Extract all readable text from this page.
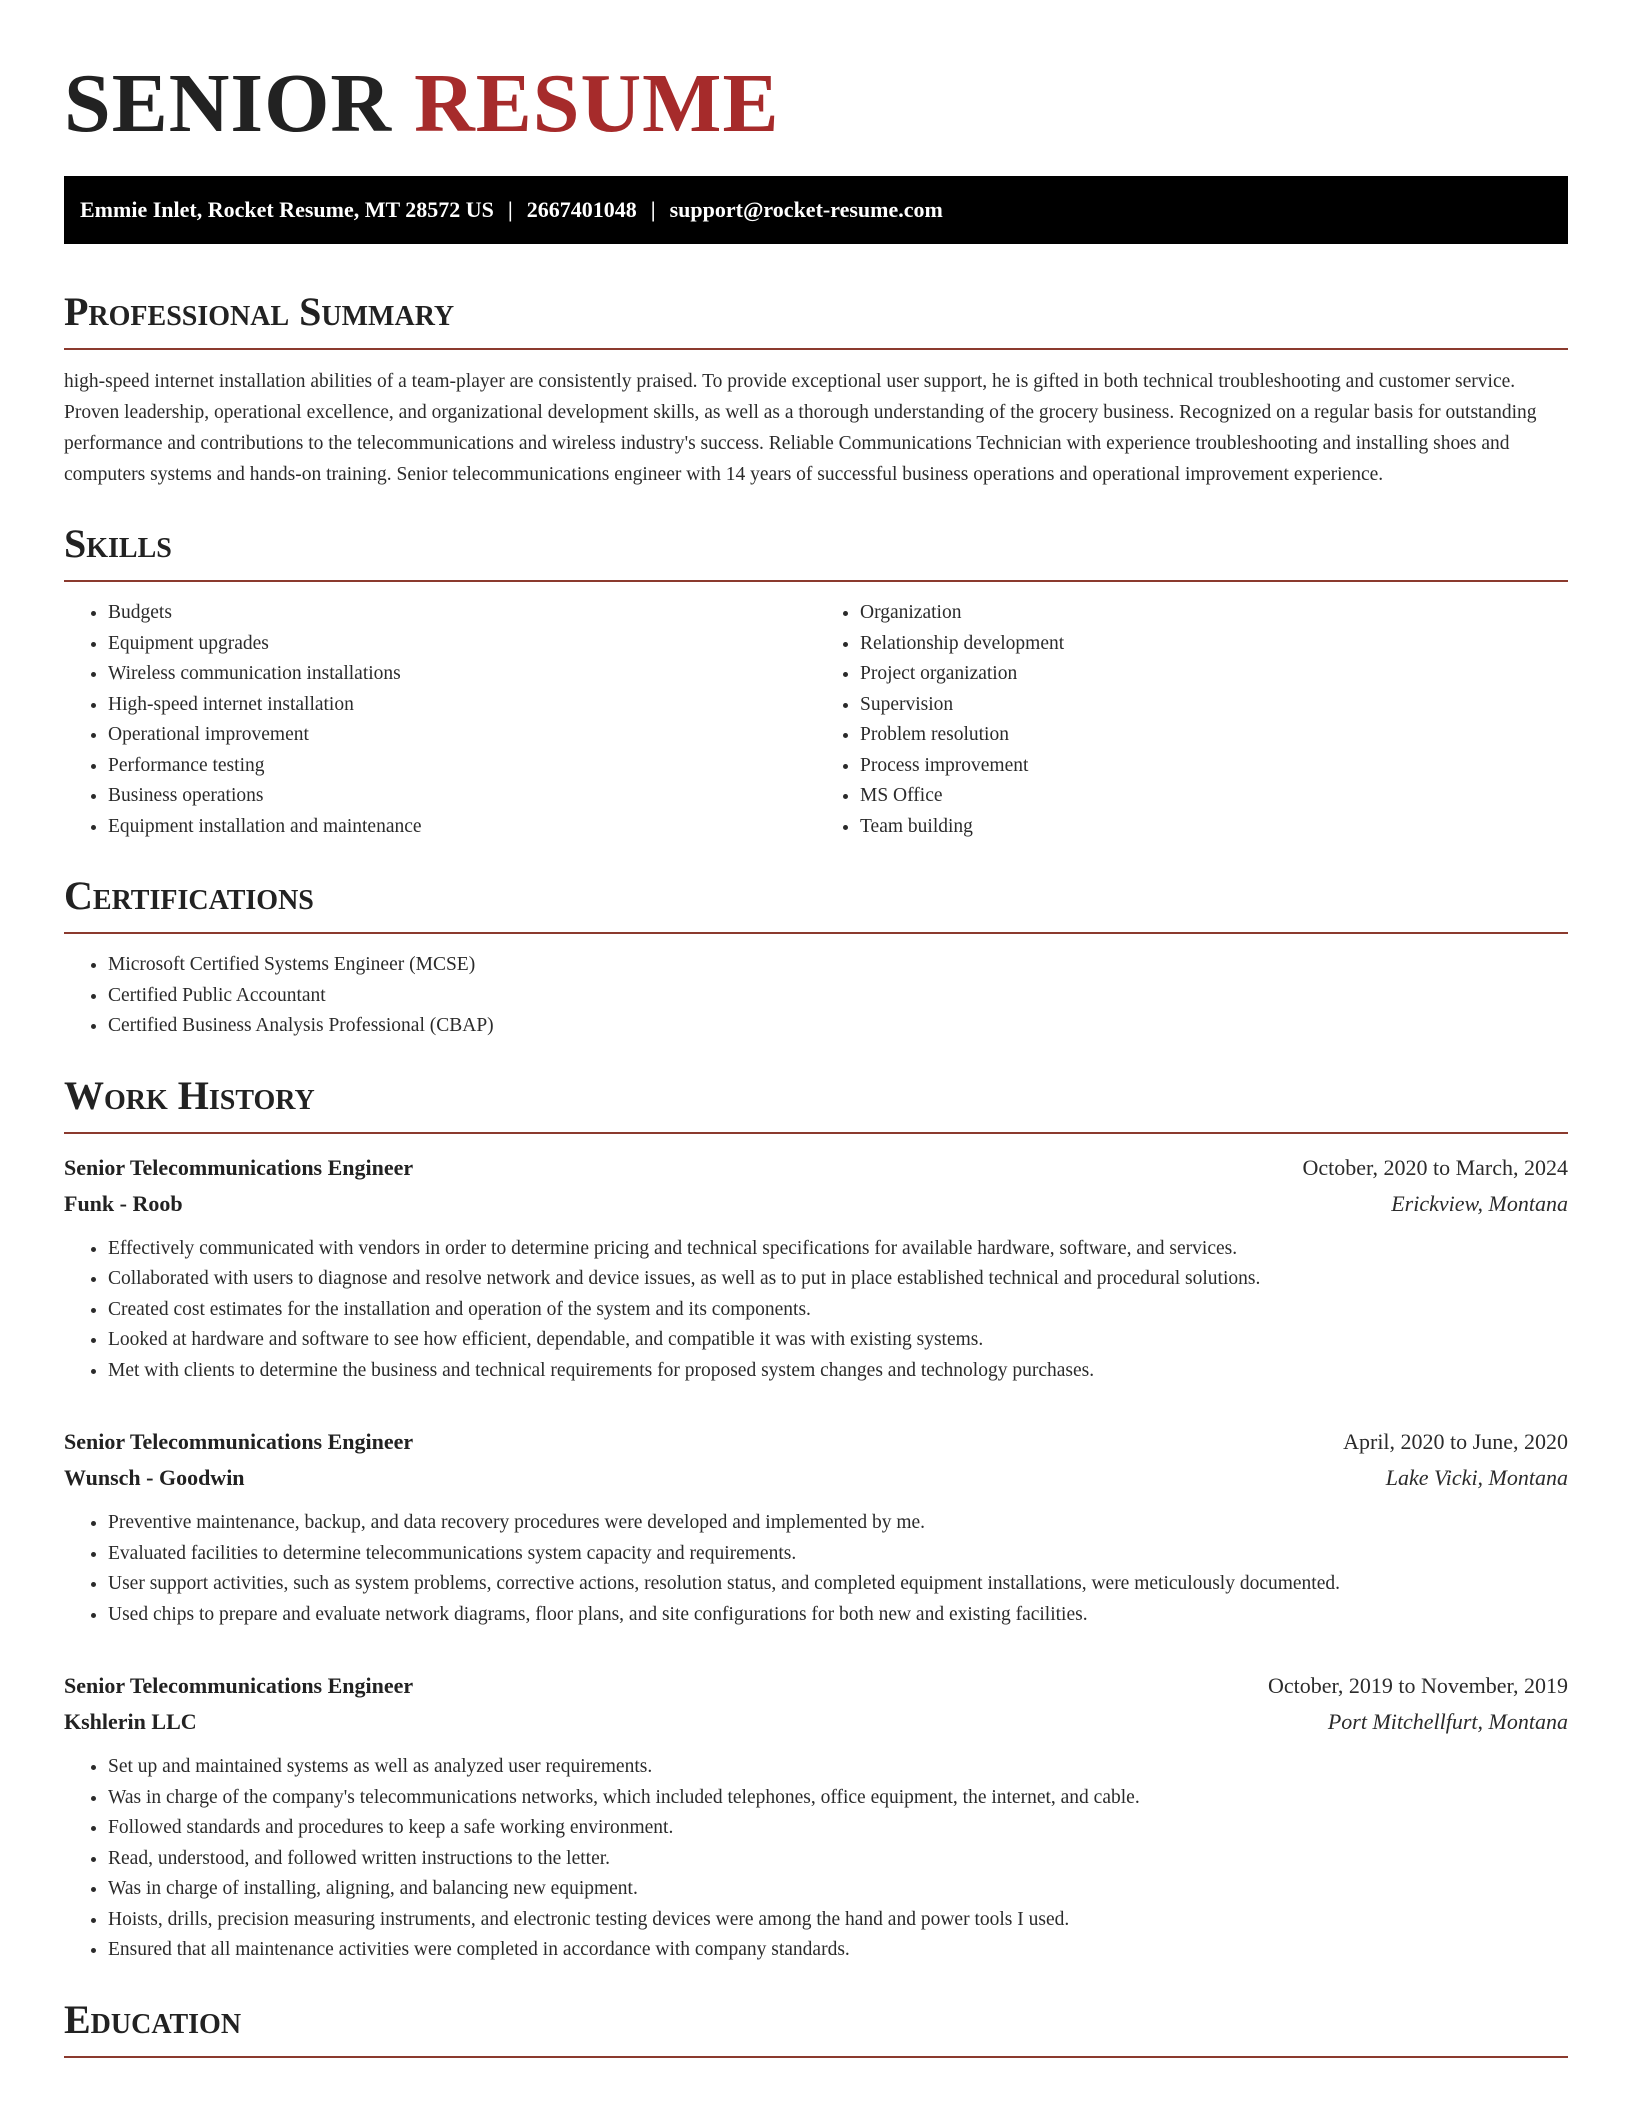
SENIOR RESUME
Emmie Inlet, Rocket Resume, MT 28572 US | 2667401048 | support@rocket-resume.com
Professional Summary

high-speed internet installation abilities of a team-player are consistently praised. To provide exceptional user support, he is gifted in both technical troubleshooting and customer service. Proven leadership, operational excellence, and organizational development skills, as well as a thorough understanding of the grocery business. Recognized on a regular basis for outstanding performance and contributions to the telecommunications and wireless industry's success. Reliable Communications Technician with experience troubleshooting and installing shoes and computers systems and hands-on training. Senior telecommunications engineer with 14 years of successful business operations and operational improvement experience.

Skills
• Budgets
• Equipment upgrades
• Wireless communication installations
• High-speed internet installation
• Operational improvement
• Performance testing
• Business operations
• Equipment installation and maintenance
• Organization
• Relationship development
• Project organization
• Supervision
• Problem resolution
• Process improvement
• MS Office
• Team building
Certifications
• Microsoft Certified Systems Engineer (MCSE)
• Certified Public Accountant
• Certified Business Analysis Professional (CBAP)
Work History
Senior Telecommunications Engineer	October, 2020 to March, 2024
Funk - Roob	Erickview, Montana
• Effectively communicated with vendors in order to determine pricing and technical specifications for available hardware, software, and services.
• Collaborated with users to diagnose and resolve network and device issues, as well as to put in place established technical and procedural solutions.
• Created cost estimates for the installation and operation of the system and its components.
• Looked at hardware and software to see how efficient, dependable, and compatible it was with existing systems.
• Met with clients to determine the business and technical requirements for proposed system changes and technology purchases.
Senior Telecommunications Engineer	April, 2020 to June, 2020
Wunsch - Goodwin	Lake Vicki, Montana
• Preventive maintenance, backup, and data recovery procedures were developed and implemented by me.
• Evaluated facilities to determine telecommunications system capacity and requirements.
• User support activities, such as system problems, corrective actions, resolution status, and completed equipment installations, were meticulously documented.
• Used chips to prepare and evaluate network diagrams, floor plans, and site configurations for both new and existing facilities.
Senior Telecommunications Engineer	October, 2019 to November, 2019
Kshlerin LLC	Port Mitchellfurt, Montana
• Set up and maintained systems as well as analyzed user requirements.
• Was in charge of the company's telecommunications networks, which included telephones, office equipment, the internet, and cable.
• Followed standards and procedures to keep a safe working environment.
• Read, understood, and followed written instructions to the letter.
• Was in charge of installing, aligning, and balancing new equipment.
• Hoists, drills, precision measuring instruments, and electronic testing devices were among the hand and power tools I used.
• Ensured that all maintenance activities were completed in accordance with company standards.
Education
